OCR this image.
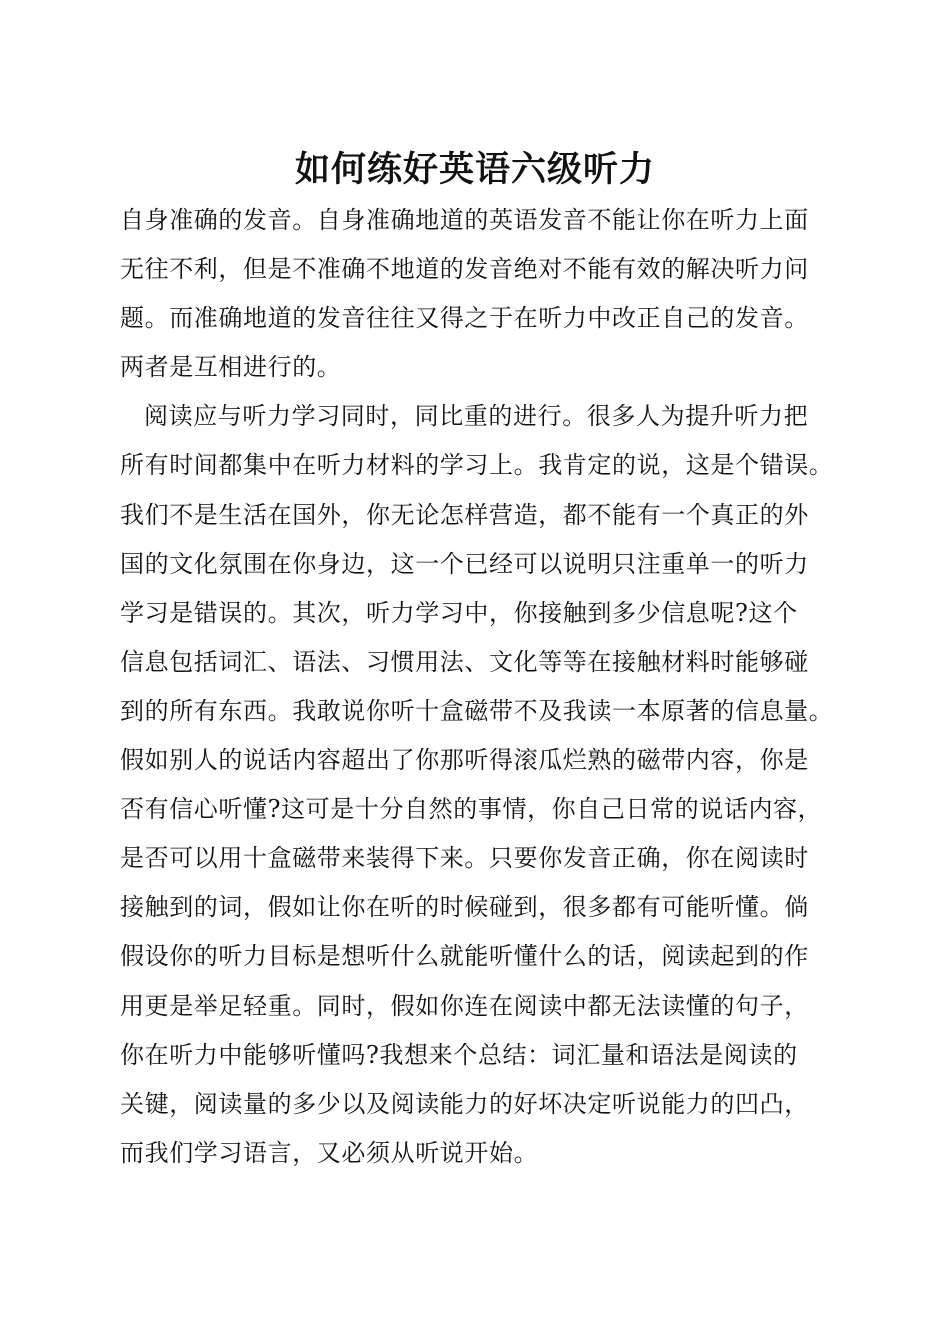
如何练好英语六级听力
自身准确的发音。自身准确地道的英语发音不能让你在听力上面
无往不利，但是不准确不地道的发音绝对不能有效的解决听力问
题。而准确地道的发音往往又得之于在听力中改正自己的发音。
两者是互相进行的。
阅读应与听力学习同时，同比重的进行。很多人为提升听力把
所有时间都集中在听力材料的学习上。我肯定的说，这是个错误。
我们不是生活在国外，你无论怎样营造，都不能有一个真正的外
国的文化氛围在你身边，这一个已经可以说明只注重单一的听力
学习是错误的。其次，听力学习中，你接触到多少信息呢?这个
信息包括词汇、语法、习惯用法、文化等等在接触材料时能够碰
到的所有东西。我敢说你听十盒磁带不及我读一本原著的信息量。
假如别人的说话内容超出了你那听得滚瓜烂熟的磁带内容，你是
否有信心听懂?这可是十分自然的事情，你自己日常的说话内容，
是否可以用十盒磁带来装得下来。只要你发音正确，你在阅读时
接触到的词，假如让你在听的时候碰到，很多都有可能听懂。倘
假设你的听力目标是想听什么就能听懂什么的话，阅读起到的作
用更是举足轻重。同时，假如你连在阅读中都无法读懂的句子，
你在听力中能够听懂吗?我想来个总结：词汇量和语法是阅读的
关键，阅读量的多少以及阅读能力的好坏决定听说能力的凹凸，
而我们学习语言，又必须从听说开始。
